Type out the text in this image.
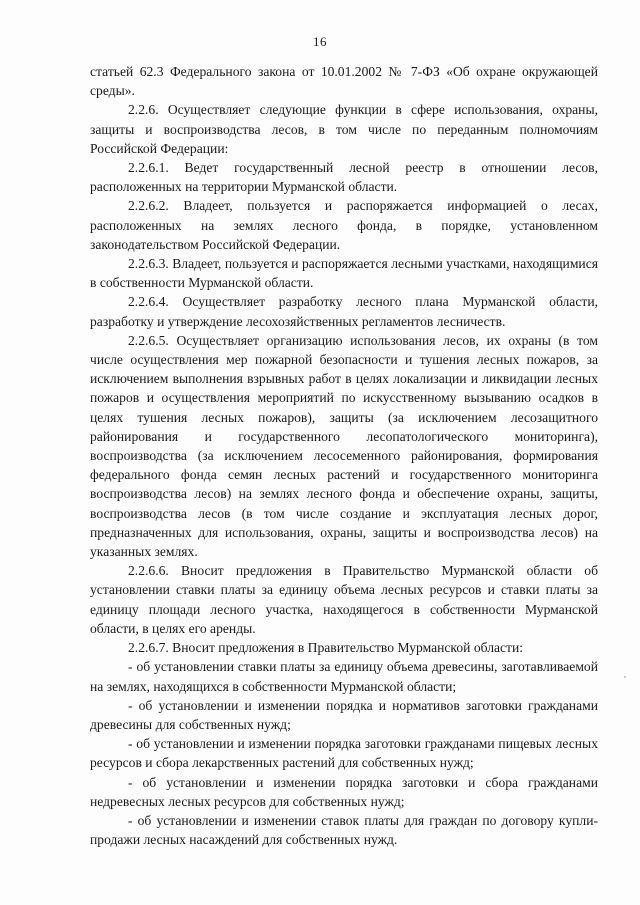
16

статьей 62.3 Федерального закона от 10.01.2002 № 7-ФЗ «Об охране окружающей среды».

2.2.6. Осуществляет следующие функции в сфере использования, охраны, защиты и воспроизводства лесов, в том числе по переданным полномочиям Российской Федерации:

2.2.6.1. Ведет государственный лесной реестр в отношении лесов, расположенных на территории Мурманской области.

2.2.6.2. Владеет, пользуется и распоряжается информацией о лесах, расположенных на землях лесного фонда, в порядке, установленном законодательством Российской Федерации.

2.2.6.3. Владеет, пользуется и распоряжается лесными участками, находящимися в собственности Мурманской области.

2.2.6.4. Осуществляет разработку лесного плана Мурманской области, разработку и утверждение лесохозяйственных регламентов лесничеств.

2.2.6.5. Осуществляет организацию использования лесов, их охраны (в том числе осуществления мер пожарной безопасности и тушения лесных пожаров, за исключением выполнения взрывных работ в целях локализации и ликвидации лесных пожаров и осуществления мероприятий по искусственному вызыванию осадков в целях тушения лесных пожаров), защиты (за исключением лесозащитного районирования и государственного лесопатологического мониторинга), воспроизводства (за исключением лесосеменного районирования, формирования федерального фонда семян лесных растений и государственного мониторинга воспроизводства лесов) на землях лесного фонда и обеспечение охраны, защиты, воспроизводства лесов (в том числе создание и эксплуатация лесных дорог, предназначенных для использования, охраны, защиты и воспроизводства лесов) на указанных землях.

2.2.6.6. Вносит предложения в Правительство Мурманской области об установлении ставки платы за единицу объема лесных ресурсов и ставки платы за единицу площади лесного участка, находящегося в собственности Мурманской области, в целях его аренды.

2.2.6.7. Вносит предложения в Правительство Мурманской области:

- об установлении ставки платы за единицу объема древесины, заготавливаемой на землях, находящихся в собственности Мурманской области;

- об установлении и изменении порядка и нормативов заготовки гражданами древесины для собственных нужд;

- об установлении и изменении порядка заготовки гражданами пищевых лесных ресурсов и сбора лекарственных растений для собственных нужд;

- об установлении и изменении порядка заготовки и сбора гражданами недревесных лесных ресурсов для собственных нужд;

- об установлении и изменении ставок платы для граждан по договору купли-продажи лесных насаждений для собственных нужд.
